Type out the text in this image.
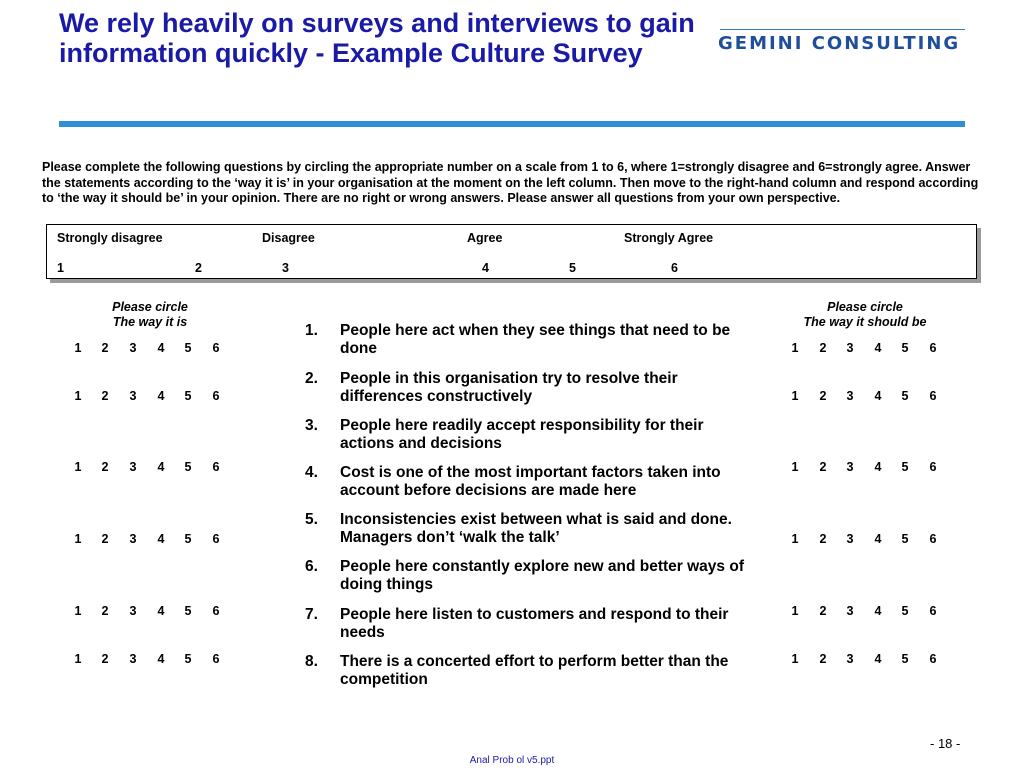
We rely heavily on surveys and interviews to gain information quickly - Example Culture Survey	GEMINI CONSULTING
Please complete the following questions by circling the appropriate number on a scale from 1 to 6, where 1=strongly disagree and 6=strongly agree. Answer the statements according to the ‘way it is’ in your organisation at the moment on the left column. Then move to the right-hand column and respond according to ‘the way it should be’ in your opinion. There are no right or wrong answers. Please answer all questions from your own perspective.
Strongly disagree	Disagree	Agree	Strongly Agree
1	2	3	4	5	6
Please circle
The way it is
Please circle
The way it should be
1. People here act when they see things that need to be done
1 2 3 4 5 6	1 2 3 4 5 6
2. People in this organisation try to resolve their differences constructively
1 2 3 4 5 6	1 2 3 4 5 6
3. People here readily accept responsibility for their actions and decisions
4. Cost is one of the most important factors taken into account before decisions are made here
1 2 3 4 5 6	1 2 3 4 5 6
5. Inconsistencies exist between what is said and done. Managers don’t ‘walk the talk’
1 2 3 4 5 6	1 2 3 4 5 6
6. People here constantly explore new and better ways of doing things
7. People here listen to customers and respond to their needs
1 2 3 4 5 6	1 2 3 4 5 6
8. There is a concerted effort to perform better than the competition
1 2 3 4 5 6	1 2 3 4 5 6
- 18 -
Anal Prob ol v5.ppt
